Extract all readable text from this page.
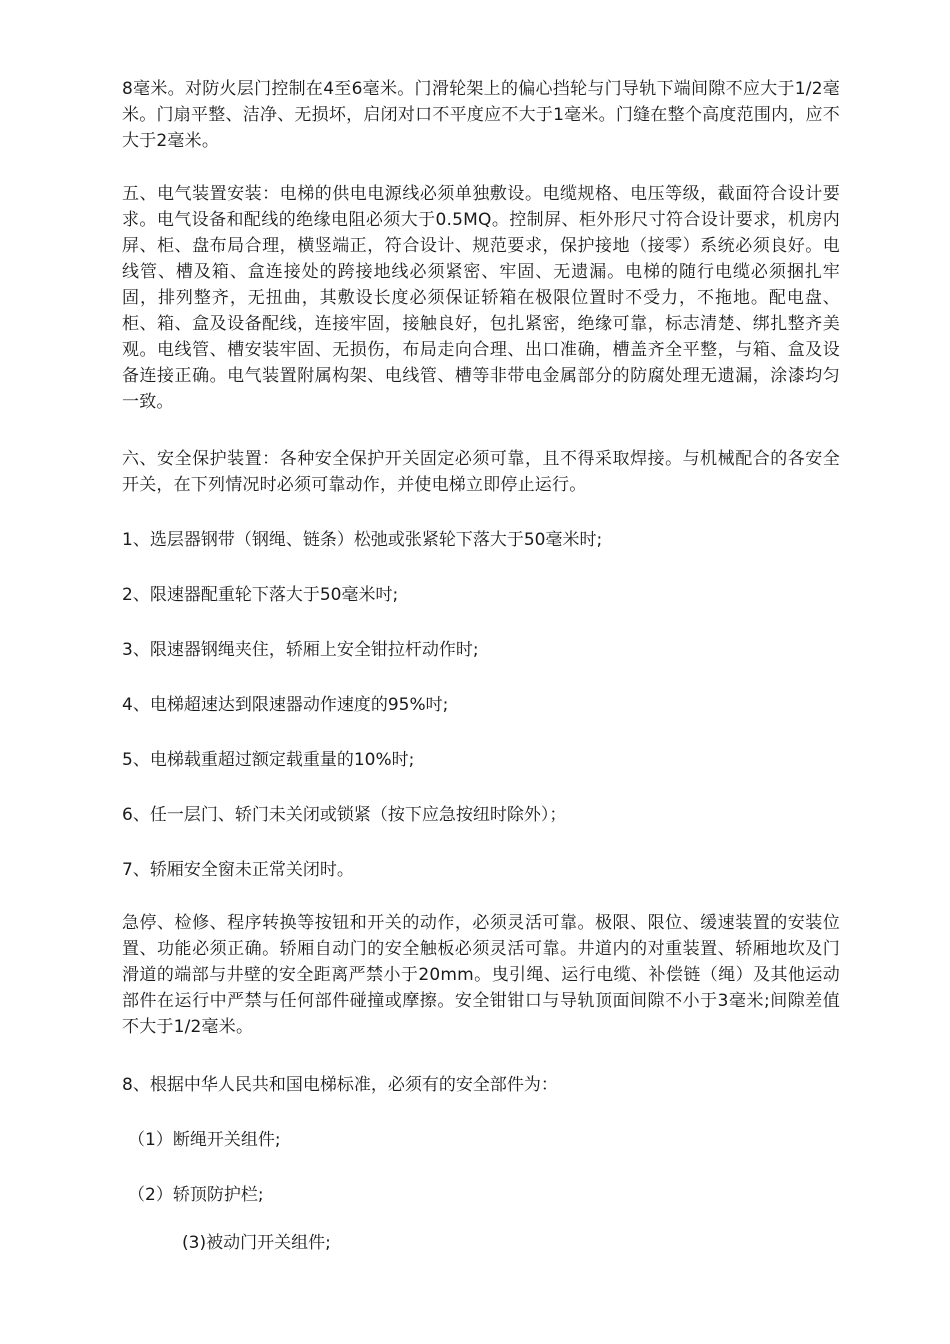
8毫米。对防火层门控制在4至6毫米。门滑轮架上的偏心挡轮与门导轨下端间隙不应大于1/2毫米。门扇平整、洁净、无损坏，启闭对口不平度应不大于1毫米。门缝在整个高度范围内，应不大于2毫米。

五、电气装置安装：电梯的供电电源线必须单独敷设。电缆规格、电压等级，截面符合设计要求。电气设备和配线的绝缘电阻必须大于0.5MQ。控制屏、柜外形尺寸符合设计要求，机房内屏、柜、盘布局合理，横竖端正，符合设计、规范要求，保护接地（接零）系统必须良好。电线管、槽及箱、盒连接处的跨接地线必须紧密、牢固、无遗漏。电梯的随行电缆必须捆扎牢固，排列整齐，无扭曲，其敷设长度必须保证轿箱在极限位置时不受力，不拖地。配电盘、柜、箱、盒及设备配线，连接牢固，接触良好，包扎紧密，绝缘可靠，标志清楚、绑扎整齐美观。电线管、槽安装牢固、无损伤，布局走向合理、出口准确，槽盖齐全平整，与箱、盒及设备连接正确。电气装置附属构架、电线管、槽等非带电金属部分的防腐处理无遗漏，涂漆均匀一致。

六、安全保护装置：各种安全保护开关固定必须可靠，且不得采取焊接。与机械配合的各安全开关，在下列情况时必须可靠动作，并使电梯立即停止运行。

1、选层器钢带（钢绳、链条）松弛或张紧轮下落大于50毫米时;

2、限速器配重轮下落大于50毫米吋;

3、限速器钢绳夹住，轿厢上安全钳拉杆动作时;

4、电梯超速达到限速器动作速度的95%吋;

5、电梯载重超过额定载重量的10%时;

6、任一层门、轿门未关闭或锁紧（按下应急按纽时除外）；

7、轿厢安全窗未正常关闭时。

急停、检修、程序转换等按钮和开关的动作，必须灵活可靠。极限、限位、缓速装置的安装位置、功能必须正确。轿厢自动门的安全触板必须灵活可靠。井道内的对重装置、轿厢地坎及门滑道的端部与井壁的安全距离严禁小于20mm。曳引绳、运行电缆、补偿链（绳）及其他运动部件在运行中严禁与任何部件碰撞或摩擦。安全钳钳口与导轨顶面间隙不小于3毫米;间隙差值不大于1/2毫米。

8、根据中华人民共和国电梯标准，必须有的安全部件为：

（1）断绳开关组件;

（2）轿顶防护栏;

(3)被动门开关组件;
